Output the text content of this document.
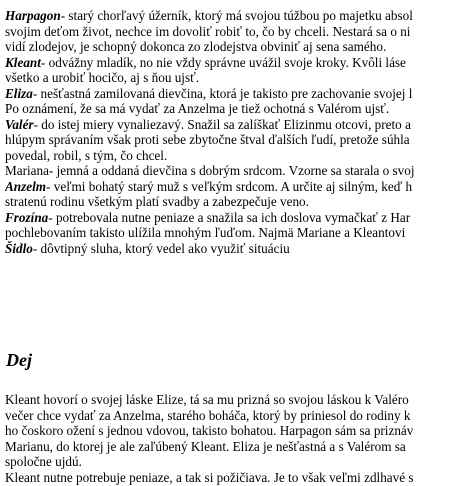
Harpagon- starý chorľavý úžerník, ktorý má svojou túžbou po majetku absol
svojim deťom život, nechce im dovoliť robiť to, čo by chceli. Nestará sa o ni
vidí zlodejov, je schopný dokonca zo zlodejstva obviniť aj sena samého.
Kleant- odvážny mladík, no nie vždy správne uvážil svoje kroky. Kvôli láse
všetko a urobiť hocičo, aj s ňou ujsť.
Eliza- nešťastná zamilovaná dievčina, ktorá je takisto pre zachovanie svojej l
Po oznámení, že sa má vydať za Anzelma je tiež ochotná s Valérom ujsť.
Valér- do istej miery vynaliezavý. Snažil sa zalíškať Elizinmu otcovi, preto a
hlúpym správaním však proti sebe zbytočne štval ďalších ľudí, pretože súhla
povedal, robil, s tým, čo chcel.
Mariana- jemná a oddaná dievčina s dobrým srdcom. Vzorne sa starala o svoj
Anzelm- veľmi bohatý starý muž s veľkým srdcom. A určite aj silným, keď h
stratenú rodinu všetkým platí svadby a zabezpečuje veno.
Frozína- potrebovala nutne peniaze a snažila sa ich doslova vymačkať z Har
pochlebovaním takisto ulížila mnohým ľuďom. Najmä Mariane a Kleantovi
Šidlo- dôvtipný sluha, ktorý vedel ako využiť situáciu
Dej
Kleant hovorí o svojej láske Elize, tá sa mu prizná so svojou láskou k Valéro
večer chce vydať za Anzelma, starého boháča, ktorý by priniesol do rodiny k
ho čoskoro ožení s jednou vdovou, takisto bohatou. Harpagon sám sa priznáv
Marianu, do ktorej je ale zaľúbený Kleant. Eliza je nešťastná a s Valérom sa
spoločne ujdú.
Kleant nutne potrebuje peniaze, a tak si požičiava. Je to však veľmi zdlhavé s
